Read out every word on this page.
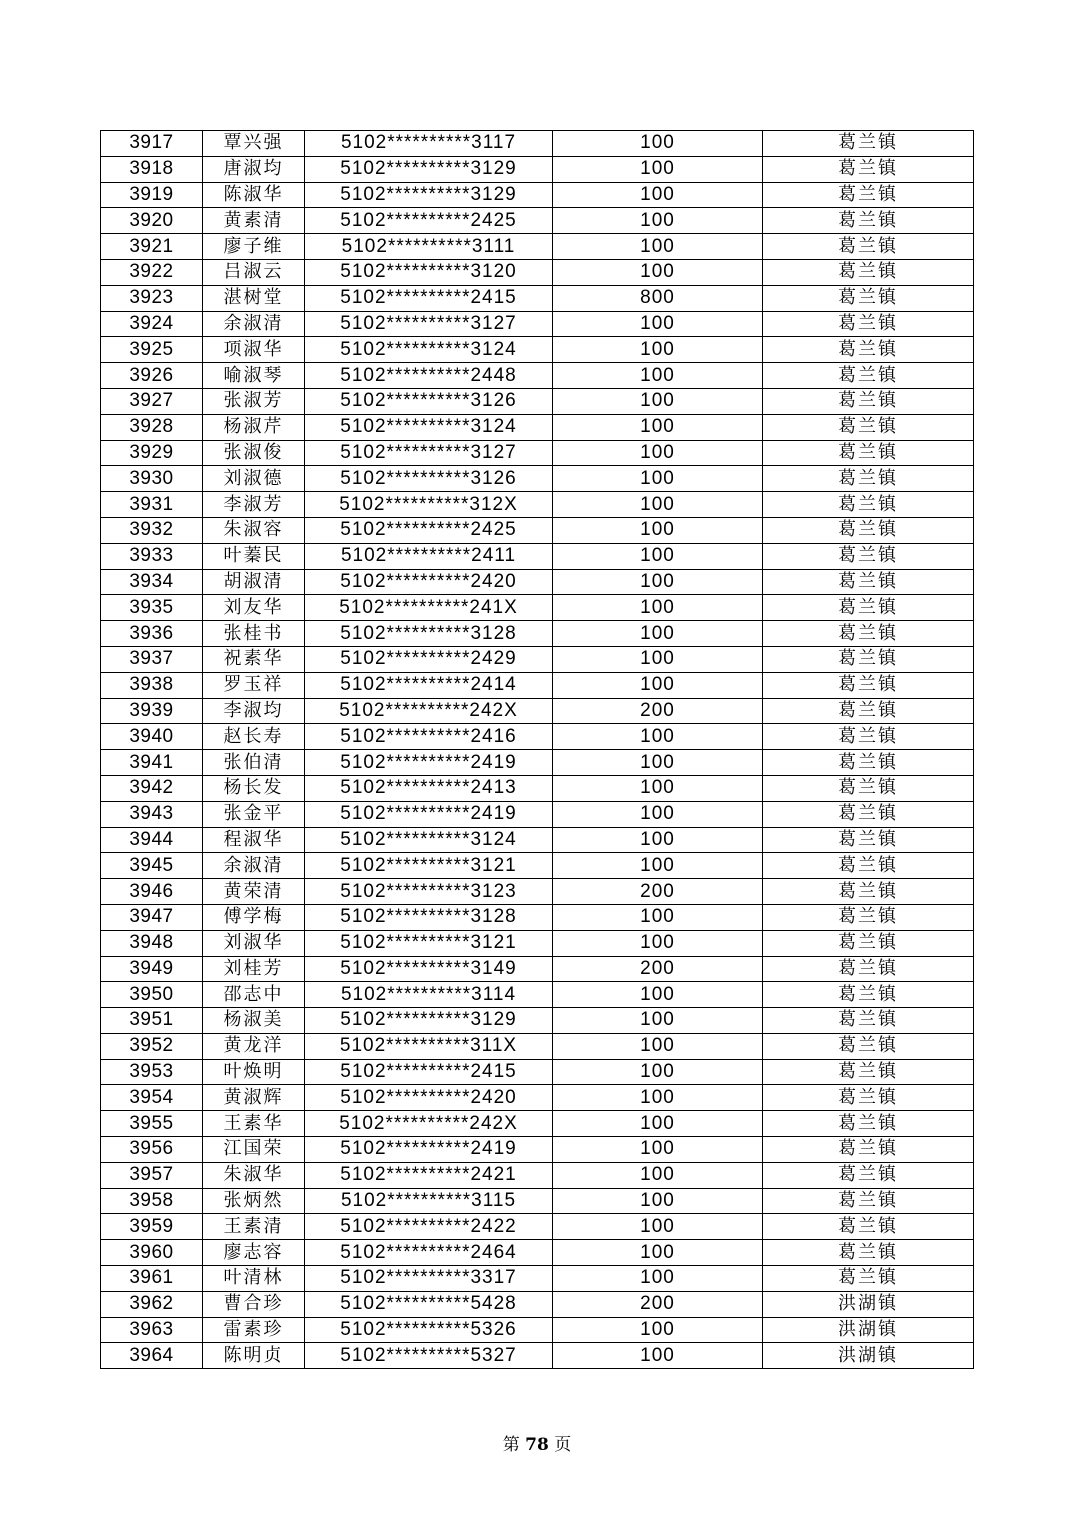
3917	覃兴强	5102**********3117	100	葛兰镇
3918	唐淑均	5102**********3129	100	葛兰镇
3919	陈淑华	5102**********3129	100	葛兰镇
3920	黄素清	5102**********2425	100	葛兰镇
3921	廖子维	5102**********3111	100	葛兰镇
3922	吕淑云	5102**********3120	100	葛兰镇
3923	湛树堂	5102**********2415	800	葛兰镇
3924	余淑清	5102**********3127	100	葛兰镇
3925	项淑华	5102**********3124	100	葛兰镇
3926	喻淑琴	5102**********2448	100	葛兰镇
3927	张淑芳	5102**********3126	100	葛兰镇
3928	杨淑芹	5102**********3124	100	葛兰镇
3929	张淑俊	5102**********3127	100	葛兰镇
3930	刘淑德	5102**********3126	100	葛兰镇
3931	李淑芳	5102**********312X	100	葛兰镇
3932	朱淑容	5102**********2425	100	葛兰镇
3933	叶蓁民	5102**********2411	100	葛兰镇
3934	胡淑清	5102**********2420	100	葛兰镇
3935	刘友华	5102**********241X	100	葛兰镇
3936	张桂书	5102**********3128	100	葛兰镇
3937	祝素华	5102**********2429	100	葛兰镇
3938	罗玉祥	5102**********2414	100	葛兰镇
3939	李淑均	5102**********242X	200	葛兰镇
3940	赵长寿	5102**********2416	100	葛兰镇
3941	张伯清	5102**********2419	100	葛兰镇
3942	杨长发	5102**********2413	100	葛兰镇
3943	张金平	5102**********2419	100	葛兰镇
3944	程淑华	5102**********3124	100	葛兰镇
3945	余淑清	5102**********3121	100	葛兰镇
3946	黄荣清	5102**********3123	200	葛兰镇
3947	傅学梅	5102**********3128	100	葛兰镇
3948	刘淑华	5102**********3121	100	葛兰镇
3949	刘桂芳	5102**********3149	200	葛兰镇
3950	邵志中	5102**********3114	100	葛兰镇
3951	杨淑美	5102**********3129	100	葛兰镇
3952	黄龙洋	5102**********311X	100	葛兰镇
3953	叶焕明	5102**********2415	100	葛兰镇
3954	黄淑辉	5102**********2420	100	葛兰镇
3955	王素华	5102**********242X	100	葛兰镇
3956	江国荣	5102**********2419	100	葛兰镇
3957	朱淑华	5102**********2421	100	葛兰镇
3958	张炳然	5102**********3115	100	葛兰镇
3959	王素清	5102**********2422	100	葛兰镇
3960	廖志容	5102**********2464	100	葛兰镇
3961	叶清林	5102**********3317	100	葛兰镇
3962	曹合珍	5102**********5428	200	洪湖镇
3963	雷素珍	5102**********5326	100	洪湖镇
3964	陈明贞	5102**********5327	100	洪湖镇
第 78 页
